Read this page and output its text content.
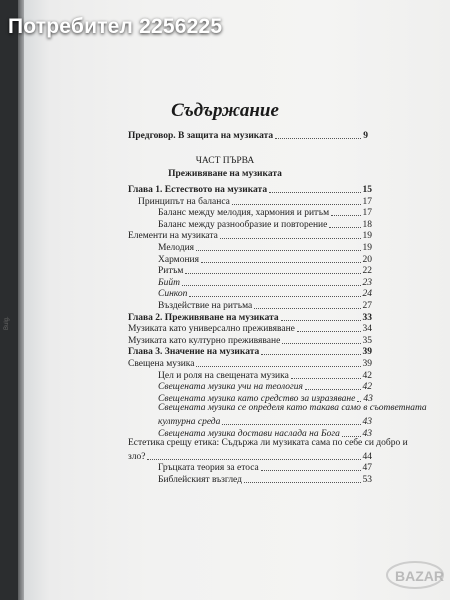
Потребител 2256225
Съдържание
Предговор. В защита на музиката	9
ЧАСТ ПЪРВА
Преживяване на музиката
Глава 1. Естеството на музиката	15
Принципът на баланса	17
Баланс между мелодия, хармония и ритъм	17
Баланс между разнообразие и повторение	18
Елементи на музиката	19
Мелодия	19
Хармония	20
Ритъм	22
Бийт	23
Синкоп	24
Въздействие на ритъма	27
Глава 2. Преживяване на музиката	33
Музиката като универсално преживяване	34
Музиката като културно преживяване	35
Глава 3. Значение на музиката	39
Свещена музика	39
Цел и роля на свещената музика	42
Свещената музика учи на теология	42
Свещената музика като средство за изразяване 43
Свещената музика се определя като такава само в съответната
културна среда	43
Свещената музика достави наслада на Бога 43
Естетика срещу етика: Съдържа ли музиката сама по себе си добро и
зло?	44
Гръцката теория за етоса	47
Библейският възглед	53
Bulg.
BAZAR
